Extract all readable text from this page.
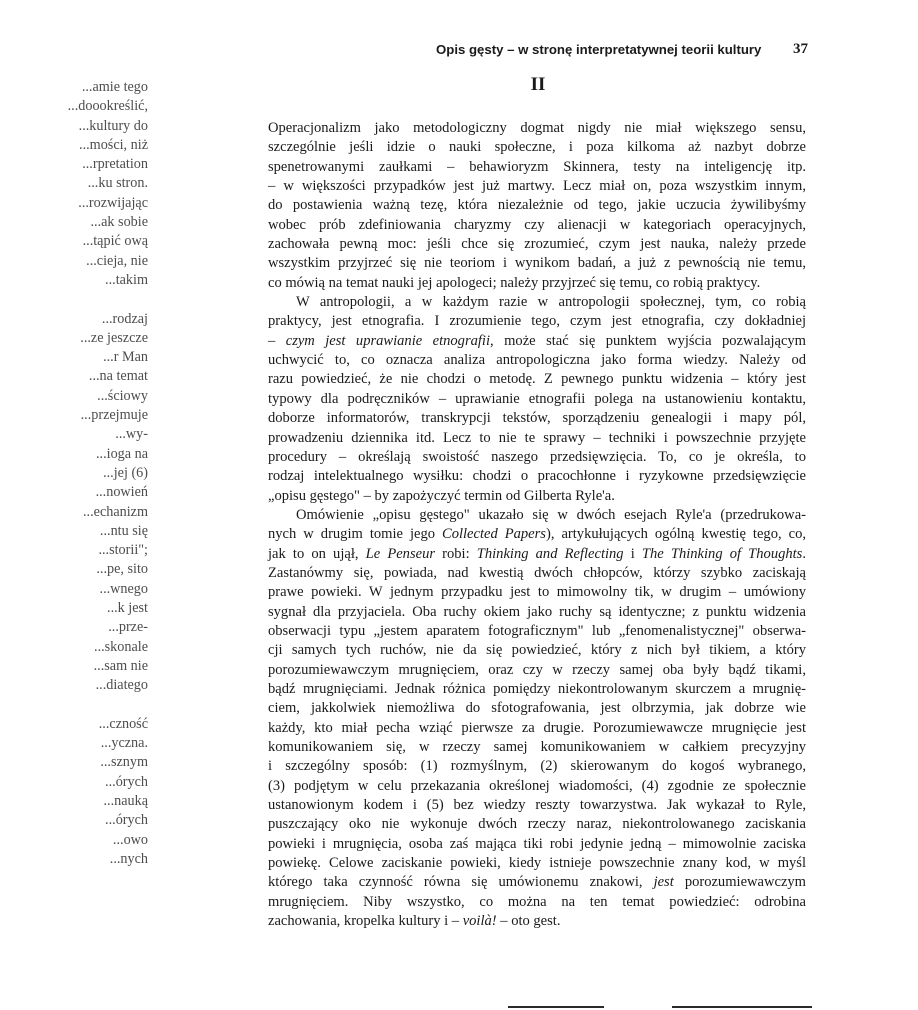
Opis gęsty – w stronę interpretatywnej teorii kultury 37
II
...amie tego
...doookreślić,
...kultury do
...mości, niż
...rpretation
...ku stron.
...rozwijając
...ak sobie
...tąpić ową
...cieja, nie
...takim
...rodzaj
...ze jeszcze
...r Man
...na temat
...ściowy
...przejmuje
...wy-
...ioga na
...jej (6)
...nowień
...echanizm
...ntu się
...storii";
...pe, sito
...wnego
...k jest
...prze-
...skonale
...sam nie
...diatego
...czność
...yczna.
...sznym
...órych
...nauką
...órych
...owo
...nych
Operacjonalizm jako metodologiczny dogmat nigdy nie miał większego sensu,
szczególnie jeśli idzie o nauki społeczne, i poza kilkoma aż nazbyt dobrze
spenetrowanymi zaułkami – behawioryzm Skinnera, testy na inteligencję itp.
– w większości przypadków jest już martwy. Lecz miał on, poza wszystkim innym,
do postawienia ważną tezę, która niezależnie od tego, jakie uczucia żywilibyśmy
wobec prób zdefiniowania charyzmy czy alienacji w kategoriach operacyjnych,
zachowała pewną moc: jeśli chce się zrozumieć, czym jest nauka, należy przede
wszystkim przyjrzeć się nie teoriom i wynikom badań, a już z pewnością nie temu,
co mówią na temat nauki jej apologeci; należy przyjrzeć się temu, co robią praktycy.
W antropologii, a w każdym razie w antropologii społecznej, tym, co robią
praktycy, jest etnografia. I zrozumienie tego, czym jest etnografia, czy dokładniej
– czym jest uprawianie etnografii, może stać się punktem wyjścia pozwalającym
uchwycić to, co oznacza analiza antropologiczna jako forma wiedzy. Należy od
razu powiedzieć, że nie chodzi o metodę. Z pewnego punktu widzenia – który jest
typowy dla podręczników – uprawianie etnografii polega na ustanowieniu kontaktu,
doborze informatorów, transkrypcji tekstów, sporządzeniu genealogii i mapy pól,
prowadzeniu dziennika itd. Lecz to nie te sprawy – techniki i powszechnie przyjęte
procedury – określają swoistość naszego przedsięwzięcia. To, co je określa, to
rodzaj intelektualnego wysiłku: chodzi o pracochłonne i ryzykowne przedsięwzięcie
„opisu gęstego" – by zapożyczyć termin od Gilberta Ryle'a.
Omówienie „opisu gęstego" ukazało się w dwóch esejach Ryle'a (przedrukowa-
nych w drugim tomie jego Collected Papers), artykułujących ogólną kwestię tego, co,
jak to on ujął, Le Penseur robi: Thinking and Reflecting i The Thinking of Thoughts.
Zastanówmy się, powiada, nad kwestią dwóch chłopców, którzy szybko zaciskają
prawe powieki. W jednym przypadku jest to mimowolny tik, w drugim – umówiony
sygnał dla przyjaciela. Oba ruchy okiem jako ruchy są identyczne; z punktu widzenia
obserwacji typu „jestem aparatem fotograficznym" lub „fenomenalistycznej" obserwa-
cji samych tych ruchów, nie da się powiedzieć, który z nich był tikiem, a który
porozumiewawczym mrugnięciem, oraz czy w rzeczy samej oba były bądź tikami,
bądź mrugnięciami. Jednak różnica pomiędzy niekontrolowanym skurczem a mrugnię-
ciem, jakkolwiek niemożliwa do sfotografowania, jest olbrzymia, jak dobrze wie
każdy, kto miał pecha wziąć pierwsze za drugie. Porozumiewawcze mrugnięcie jest
komunikowaniem się, w rzeczy samej komunikowaniem w całkiem precyzyjny
i szczególny sposób: (1) rozmyślnym, (2) skierowanym do kogoś wybranego,
(3) podjętym w celu przekazania określonej wiadomości, (4) zgodnie ze społecznie
ustanowionym kodem i (5) bez wiedzy reszty towarzystwa. Jak wykazał to Ryle,
puszczający oko nie wykonuje dwóch rzeczy naraz, niekontrolowanego zaciskania
powieki i mrugnięcia, osoba zaś mająca tiki robi jedynie jedną – mimowolnie zaciska
powiekę. Celowe zaciskanie powieki, kiedy istnieje powszechnie znany kod, w myśl
którego taka czynność równa się umówionemu znakowi, jest porozumiewawczym
mrugnięciem. Niby wszystko, co można na ten temat powiedzieć: odrobina
zachowania, kropelka kultury i – voilà! – oto gest.
